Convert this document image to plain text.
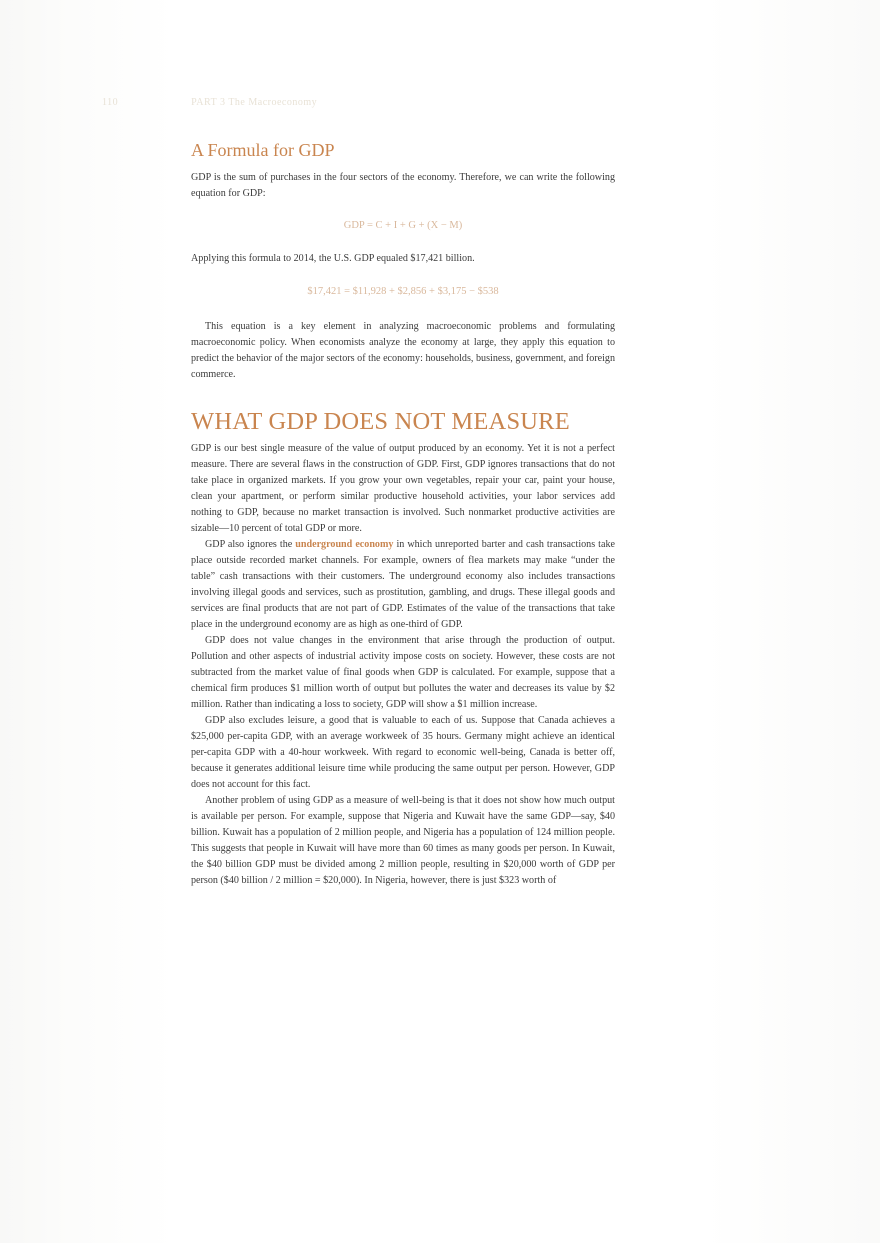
110	PART 3 The Macroeconomy
A Formula for GDP

GDP is the sum of purchases in the four sectors of the economy. Therefore, we can write the following equation for GDP:

GDP = C + I + G + (X − M)

Applying this formula to 2014, the U.S. GDP equaled $17,421 billion.

$17,421 = $11,928 + $2,856 + $3,175 − $538

This equation is a key element in analyzing macroeconomic problems and formulating macroeconomic policy. When economists analyze the economy at large, they apply this equation to predict the behavior of the major sectors of the economy: households, business, government, and foreign commerce.

WHAT GDP DOES NOT MEASURE

GDP is our best single measure of the value of output produced by an economy. Yet it is not a perfect measure. There are several flaws in the construction of GDP. First, GDP ignores transactions that do not take place in organized markets. If you grow your own vegetables, repair your car, paint your house, clean your apartment, or perform similar productive household activities, your labor services add nothing to GDP, because no market transaction is involved. Such nonmarket productive activities are sizable—10 percent of total GDP or more.

GDP also ignores the underground economy in which unreported barter and cash transactions take place outside recorded market channels. For example, owners of flea markets may make “under the table” cash transactions with their customers. The underground economy also includes transactions involving illegal goods and services, such as prostitution, gambling, and drugs. These illegal goods and services are final products that are not part of GDP. Estimates of the value of the transactions that take place in the underground economy are as high as one-third of GDP.

GDP does not value changes in the environment that arise through the production of output. Pollution and other aspects of industrial activity impose costs on society. However, these costs are not subtracted from the market value of final goods when GDP is calculated. For example, suppose that a chemical firm produces $1 million worth of output but pollutes the water and decreases its value by $2 million. Rather than indicating a loss to society, GDP will show a $1 million increase.

GDP also excludes leisure, a good that is valuable to each of us. Suppose that Canada achieves a $25,000 per-capita GDP, with an average workweek of 35 hours. Germany might achieve an identical per-capita GDP with a 40-hour workweek. With regard to economic well-being, Canada is better off, because it generates additional leisure time while producing the same output per person. However, GDP does not account for this fact.

Another problem of using GDP as a measure of well-being is that it does not show how much output is available per person. For example, suppose that Nigeria and Kuwait have the same GDP—say, $40 billion. Kuwait has a population of 2 million people, and Nigeria has a population of 124 million people. This suggests that people in Kuwait will have more than 60 times as many goods per person. In Kuwait, the $40 billion GDP must be divided among 2 million people, resulting in $20,000 worth of GDP per person ($40 billion / 2 million = $20,000). In Nigeria, however, there is just $323 worth of
